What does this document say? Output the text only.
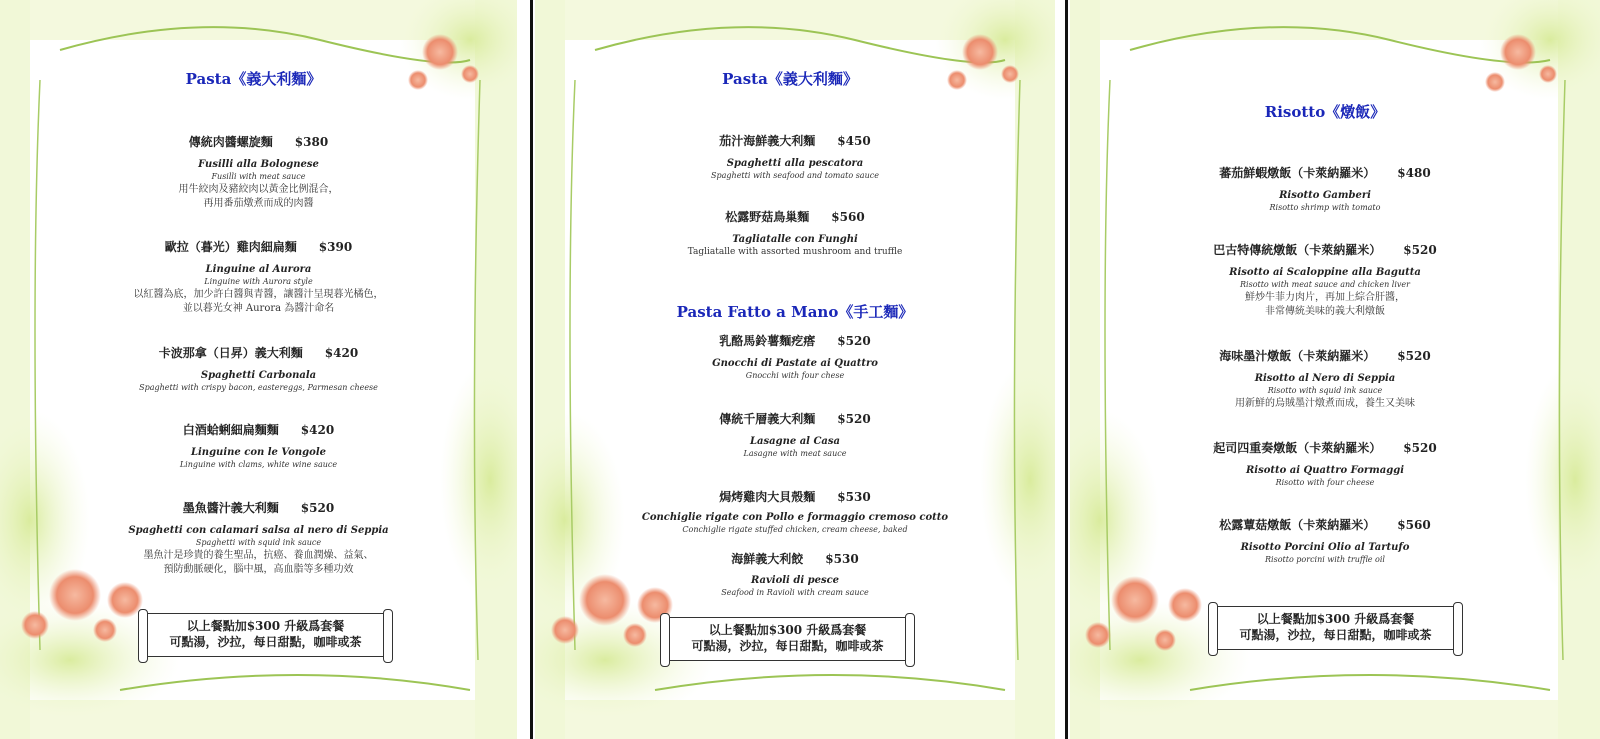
Pasta《義大利麵》
傳統肉醬螺旋麵 $380
Fusilli alla Bolognese
Fusilli with meat sauce
用牛絞肉及豬絞肉以黃金比例混合，
再用番茄燉煮而成的肉醬
歐拉（暮光）雞肉細扁麵 $390
Linguine al Aurora
Linguine with Aurora style
以紅醬為底，加少許白醬與青醬，讓醬汁呈現暮光橘色，
並以暮光女神 Aurora 為醬汁命名
卡波那拿（日昇）義大利麵 $420
Spaghetti Carbonala
Spaghetti with crispy bacon, eastereggs, Parmesan cheese
白酒蛤蜊細扁麵麵 $420
Linguine con le Vongole
Linguine with clams, white wine sauce
墨魚醬汁義大利麵 $520
Spaghetti con calamari salsa al nero di Seppia
Spaghetti with squid ink sauce
墨魚汁是珍貴的養生聖品，抗癌、養血潤燥、益氣、
預防動脈硬化，腦中風，高血脂等多種功效
以上餐點加$300 升級爲套餐
可點湯，沙拉，每日甜點，咖啡或茶
Pasta《義大利麵》
茄汁海鮮義大利麵 $450
Spaghetti alla pescatora
Spaghetti with seafood and tomato sauce
松露野菇鳥巢麵 $560
Tagliatalle con Funghi
Tagliatalle with assorted mushroom and truffle
Pasta Fatto a Mano《手工麵》
乳酪馬鈴薯麵疙瘩 $520
Gnocchi di Pastate ai Quattro
Gnocchi with four chese
傳統千層義大利麵 $520
Lasagne al Casa
Lasagne with meat sauce
焗烤雞肉大貝殼麵 $530
Conchiglie rigate con Pollo e formaggio cremoso cotto
Conchiglie rigate stuffed chicken, cream cheese, baked
海鮮義大利餃 $530
Ravioli di pesce
Seafood in Ravioli with cream sauce
以上餐點加$300 升級爲套餐
可點湯，沙拉，每日甜點，咖啡或茶
Risotto《燉飯》
蕃茄鮮蝦燉飯（卡萊納羅米） $480
Risotto Gamberi
Risotto shrimp with tomato
巴古特傳統燉飯（卡萊納羅米） $520
Risotto ai Scaloppine alla Bagutta
Risotto with meat sauce and chicken liver
鮮炒牛菲力肉片，再加上綜合肝醬，
非常傳統美味的義大利燉飯
海味墨汁燉飯（卡萊納羅米） $520
Risotto al Nero di Seppia
Risotto with squid ink sauce
用新鮮的烏賊墨汁燉煮而成，養生又美味
起司四重奏燉飯（卡萊納羅米） $520
Risotto ai Quattro Formaggi
Risotto with four cheese
松露蕈菇燉飯（卡萊納羅米） $560
Risotto Porcini Olio al Tartufo
Risotto porcini with truffle oil
以上餐點加$300 升級爲套餐
可點湯，沙拉，每日甜點，咖啡或茶
